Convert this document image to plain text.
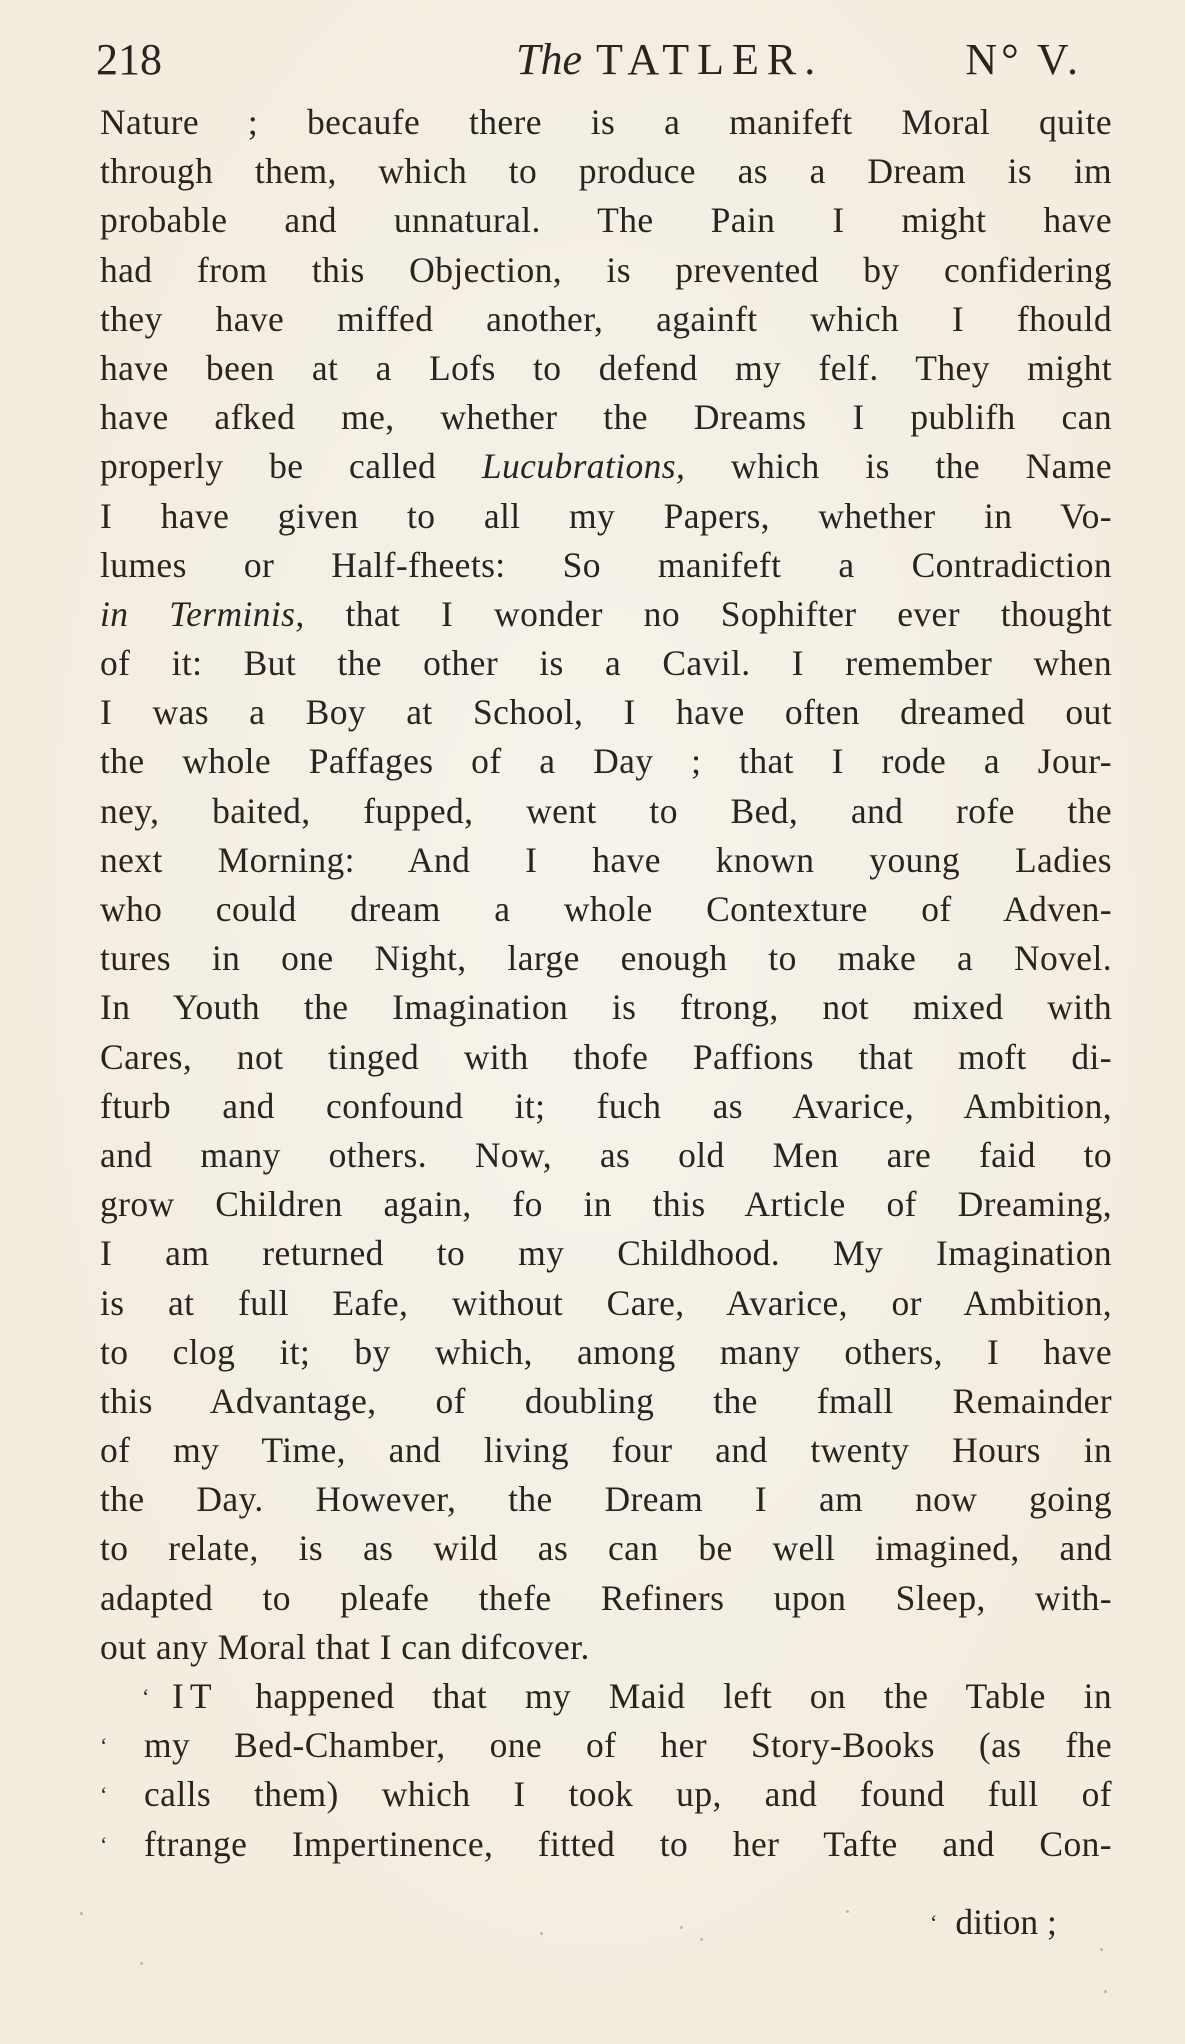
218	The TATLER.	N° V.
Nature ; becaufe there is a manifeft Moral quite
through them, which to produce as a Dream is im
probable and unnatural. The Pain I might have
had from this Objection, is prevented by confidering
they have miffed another, againft which I fhould
have been at a Lofs to defend my felf. They might
have afked me, whether the Dreams I publifh can
properly be called Lucubrations, which is the Name
I have given to all my Papers, whether in Vo-
lumes or Half-fheets: So manifeft a Contradiction
in Terminis, that I wonder no Sophifter ever thought
of it: But the other is a Cavil. I remember when
I was a Boy at School, I have often dreamed out
the whole Paffages of a Day ; that I rode a Jour-
ney, baited, fupped, went to Bed, and rofe the
next Morning: And I have known young Ladies
who could dream a whole Contexture of Adven-
tures in one Night, large enough to make a Novel.
In Youth the Imagination is ftrong, not mixed with
Cares, not tinged with thofe Paffions that moft di-
fturb and confound it; fuch as Avarice, Ambition,
and many others. Now, as old Men are faid to
grow Children again, fo in this Article of Dreaming,
I am returned to my Childhood. My Imagination
is at full Eafe, without Care, Avarice, or Ambition,
to clog it; by which, among many others, I have
this Advantage, of doubling the fmall Remainder
of my Time, and living four and twenty Hours in
the Day. However, the Dream I am now going
to relate, is as wild as can be well imagined, and
adapted to pleafe thefe Refiners upon Sleep, with-
out any Moral that I can difcover.
‘ IT happened that my Maid left on the Table in
‘ my Bed-Chamber, one of her Story-Books (as fhe
‘ calls them) which I took up, and found full of
‘ ftrange Impertinence, fitted to her Tafte and Con-
‘ dition ;
